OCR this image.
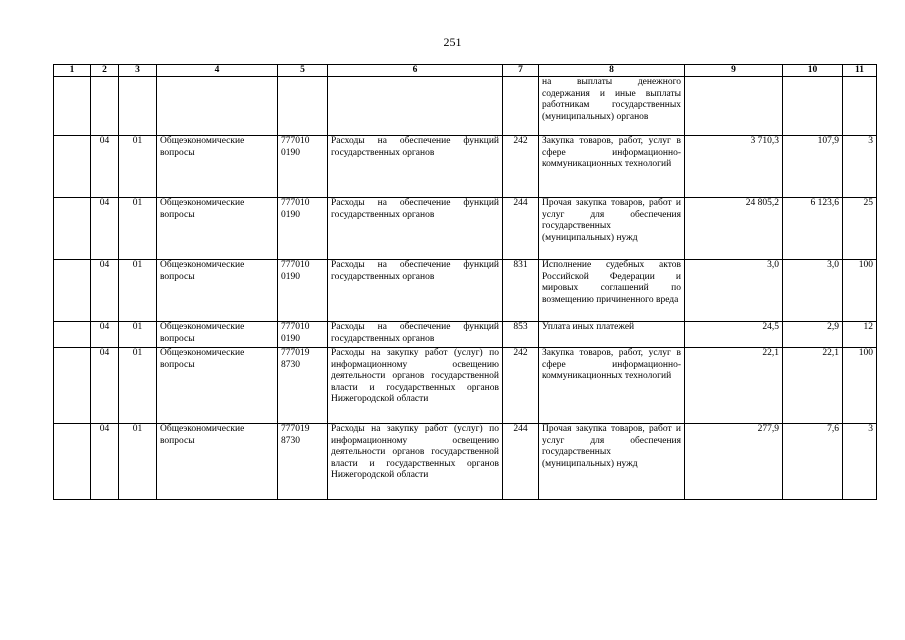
251
1	2	3	4	5	6	7	8	9	10	11
							на выплаты денежного содержания и иные выплаты работникам государственных (муниципальных) органов			
	04	01	Общеэкономические вопросы	777010 0190	Расходы на обеспечение функций государственных органов	242	Закупка товаров, работ, услуг в сфере информационно-коммуникационных технологий	3 710,3	107,9	3
	04	01	Общеэкономические вопросы	777010 0190	Расходы на обеспечение функций государственных органов	244	Прочая закупка товаров, работ и услуг для обеспечения государственных (муниципальных) нужд	24 805,2	6 123,6	25
	04	01	Общеэкономические вопросы	777010 0190	Расходы на обеспечение функций государственных органов	831	Исполнение судебных актов Российской Федерации и мировых соглашений по возмещению причиненного вреда	3,0	3,0	100
	04	01	Общеэкономические вопросы	777010 0190	Расходы на обеспечение функций государственных органов	853	Уплата иных платежей	24,5	2,9	12
	04	01	Общеэкономические вопросы	777019 8730	Расходы на закупку работ (услуг) по информационному освещению деятельности органов государственной власти и государственных органов Нижегородской области	242	Закупка товаров, работ, услуг в сфере информационно-коммуникационных технологий	22,1	22,1	100
	04	01	Общеэкономические вопросы	777019 8730	Расходы на закупку работ (услуг) по информационному освещению деятельности органов государственной власти и государственных органов Нижегородской области	244	Прочая закупка товаров, работ и услуг для обеспечения государственных (муниципальных) нужд	277,9	7,6	3
